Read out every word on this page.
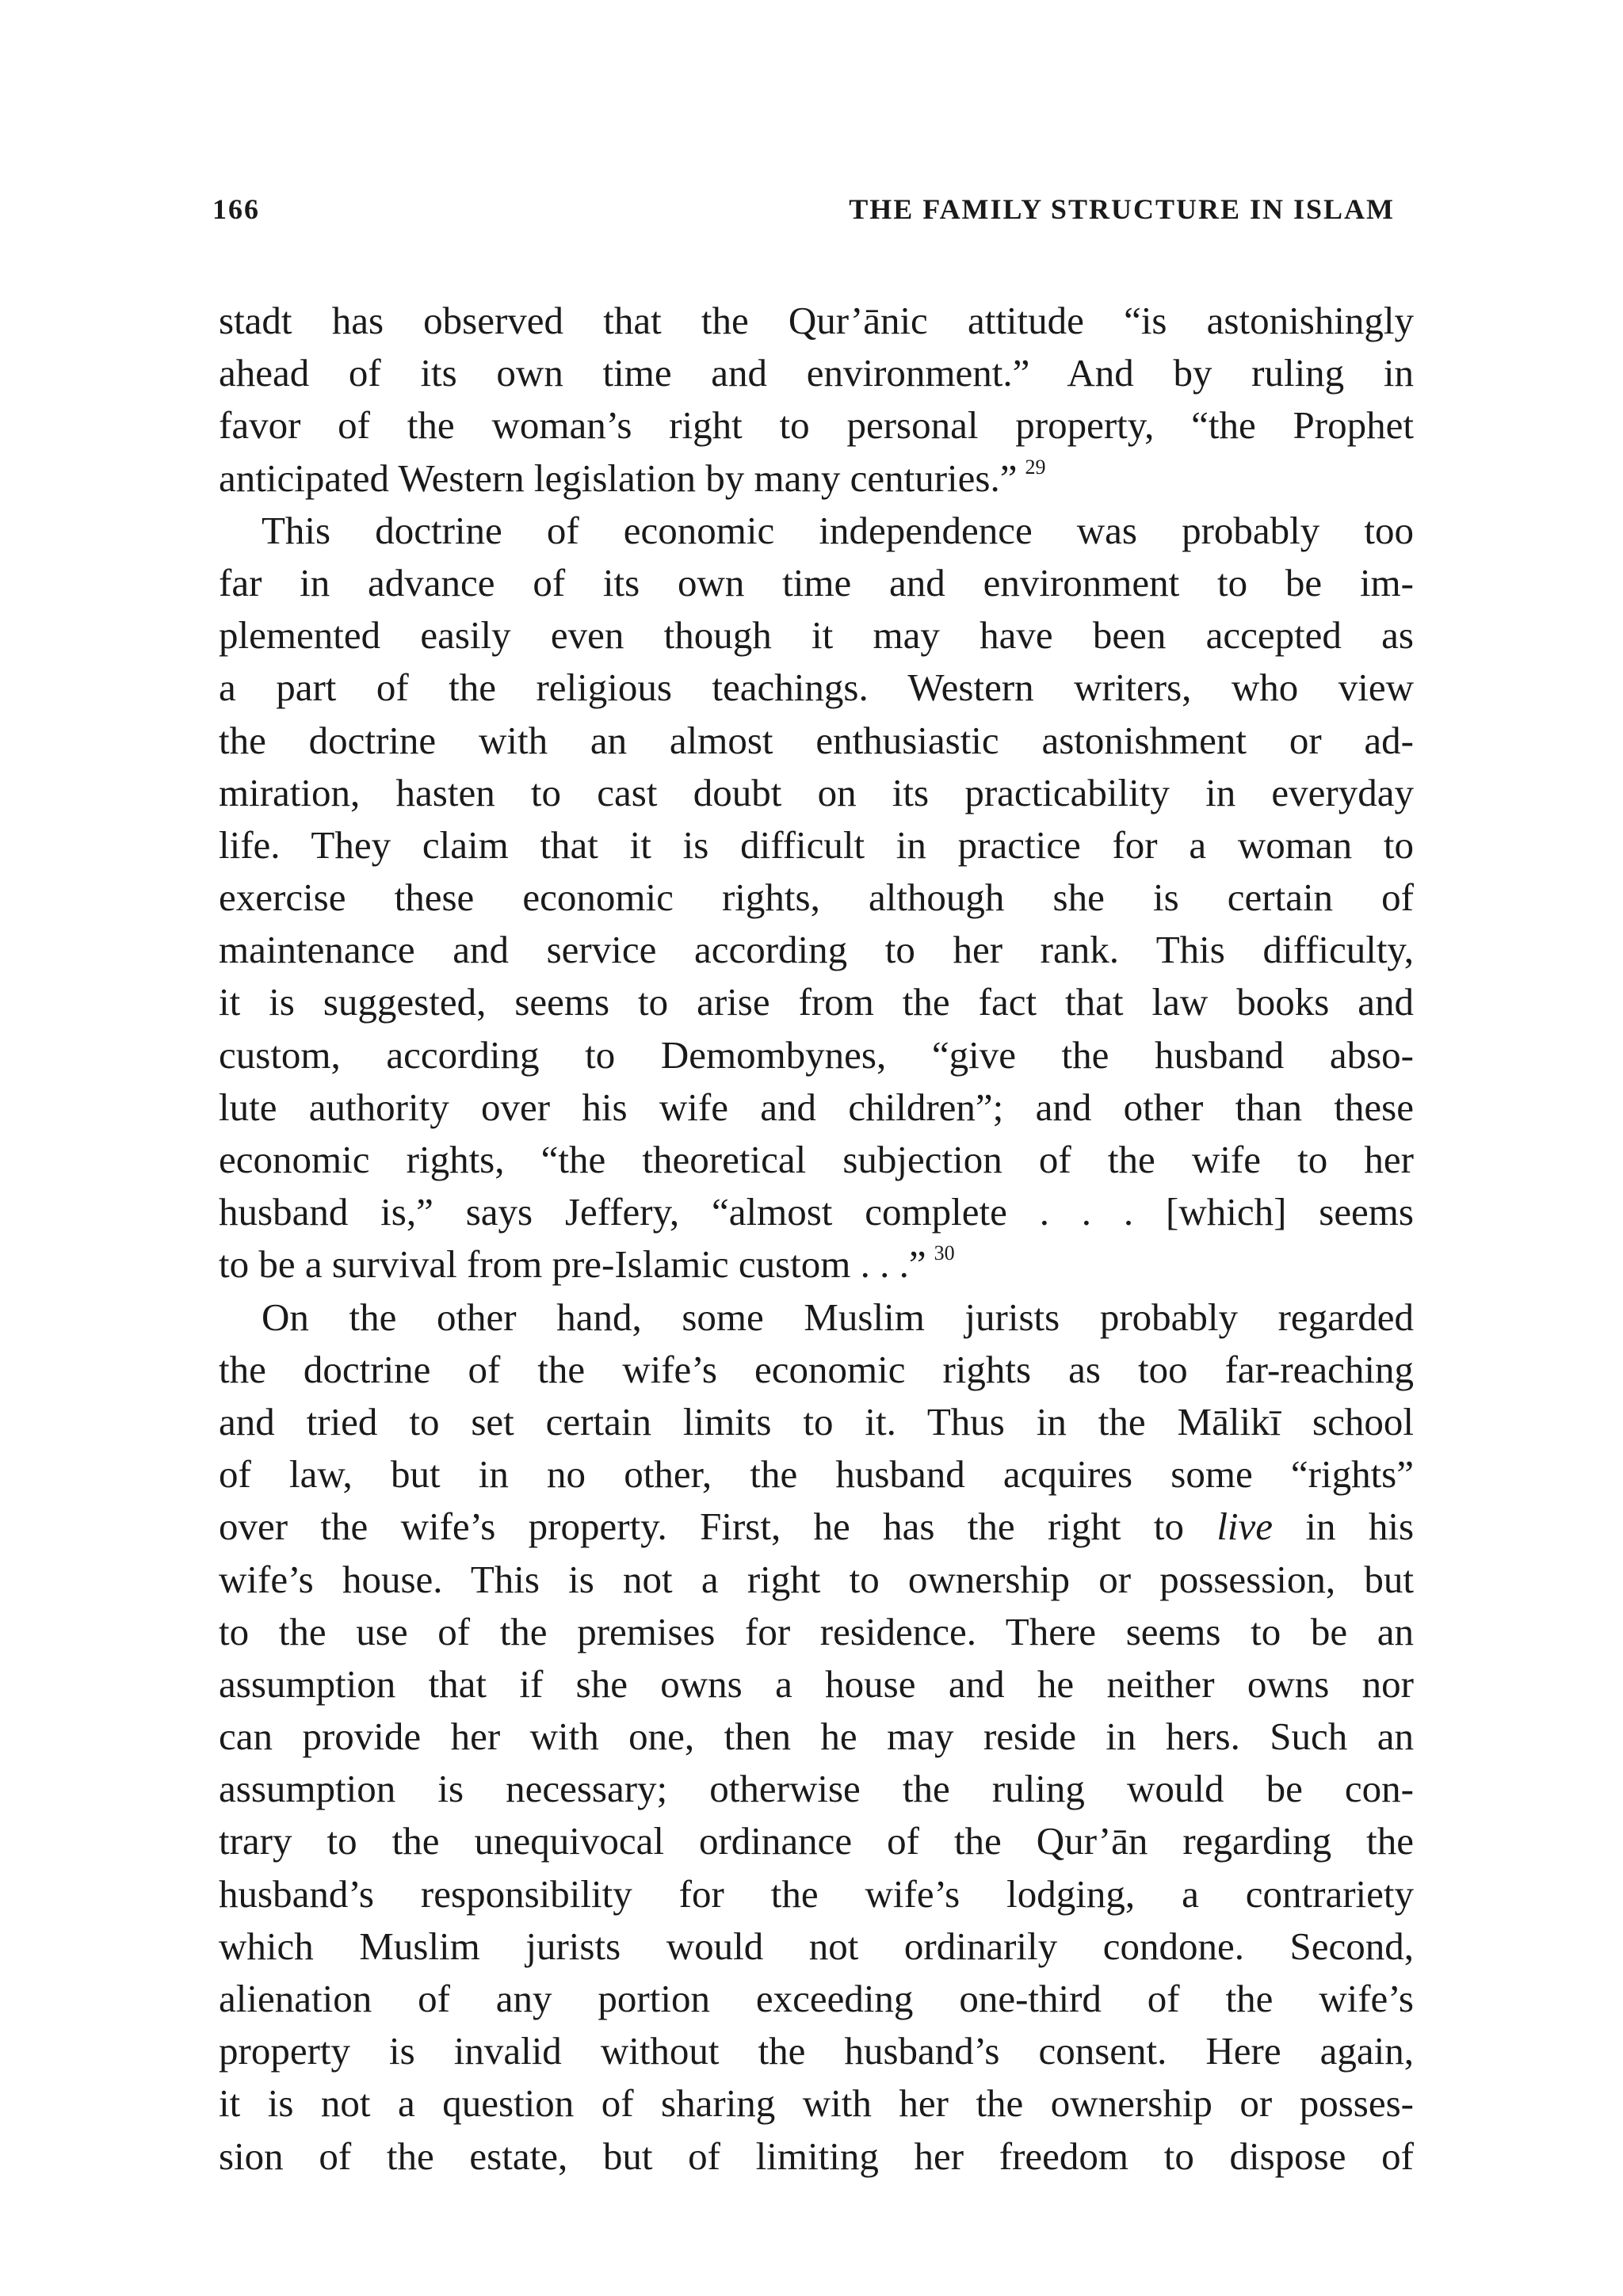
166	THE FAMILY STRUCTURE IN ISLAM
stadt has observed that the Qur’ānic attitude “is astonishingly
ahead of its own time and environment.” And by ruling in
favor of the woman’s right to personal property, “the Prophet
anticipated Western legislation by many centuries.” $^{29}$
This doctrine of economic independence was probably too
far in advance of its own time and environment to be im-
plemented easily even though it may have been accepted as
a part of the religious teachings. Western writers, who view
the doctrine with an almost enthusiastic astonishment or ad-
miration, hasten to cast doubt on its practicability in everyday
life. They claim that it is difficult in practice for a woman to
exercise these economic rights, although she is certain of
maintenance and service according to her rank. This difficulty,
it is suggested, seems to arise from the fact that law books and
custom, according to Demombynes, “give the husband abso-
lute authority over his wife and children”; and other than these
economic rights, “the theoretical subjection of the wife to her
husband is,” says Jeffery, “almost complete . . . [which] seems
to be a survival from pre-Islamic custom . . .” $^{30}$
On the other hand, some Muslim jurists probably regarded
the doctrine of the wife’s economic rights as too far-reaching
and tried to set certain limits to it. Thus in the Mālikī school
of law, but in no other, the husband acquires some “rights”
over the wife’s property. First, he has the right to live in his
wife’s house. This is not a right to ownership or possession, but
to the use of the premises for residence. There seems to be an
assumption that if she owns a house and he neither owns nor
can provide her with one, then he may reside in hers. Such an
assumption is necessary; otherwise the ruling would be con-
trary to the unequivocal ordinance of the Qur’ān regarding the
husband’s responsibility for the wife’s lodging, a contrariety
which Muslim jurists would not ordinarily condone. Second,
alienation of any portion exceeding one-third of the wife’s
property is invalid without the husband’s consent. Here again,
it is not a question of sharing with her the ownership or posses-
sion of the estate, but of limiting her freedom to dispose of
